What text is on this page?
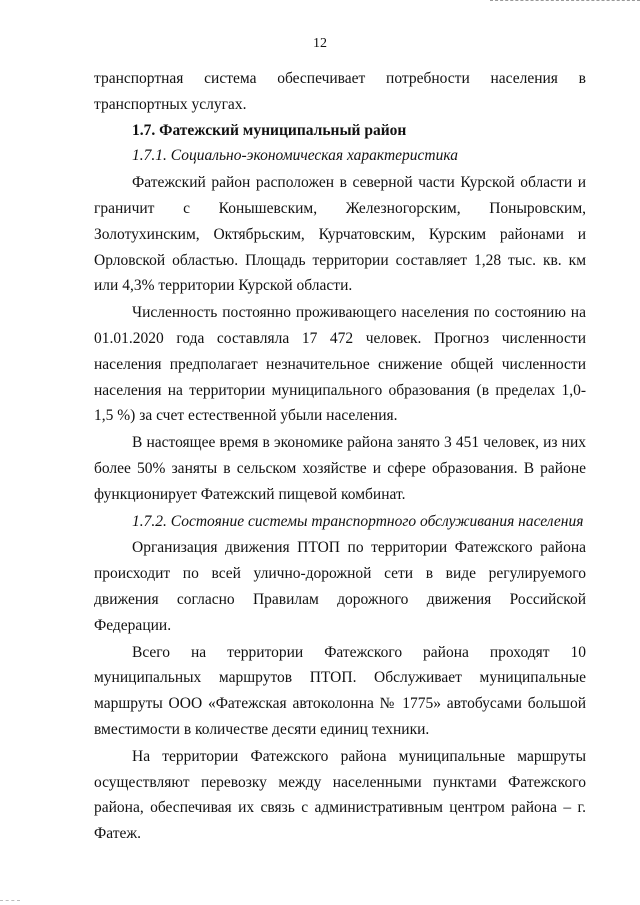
12

транспортная система обеспечивает потребности населения в транспортных услугах.

1.7. Фатежский муниципальный район

1.7.1. Социально-экономическая характеристика

Фатежский район расположен в северной части Курской области и граничит с Конышевским, Железногорским, Поныровским, Золотухинским, Октябрьским, Курчатовским, Курским районами и Орловской областью. Площадь территории составляет 1,28 тыс. кв. км или 4,3% территории Курской области.

Численность постоянно проживающего населения по состоянию на 01.01.2020 года составляла 17 472 человек. Прогноз численности населения предполагает незначительное снижение общей численности населения на территории муниципального образования (в пределах 1,0-1,5 %) за счет естественной убыли населения.

В настоящее время в экономике района занято 3 451 человек, из них более 50% заняты в сельском хозяйстве и сфере образования. В районе функционирует Фатежский пищевой комбинат.

1.7.2. Состояние системы транспортного обслуживания населения

Организация движения ПТОП по территории Фатежского района происходит по всей улично-дорожной сети в виде регулируемого движения согласно Правилам дорожного движения Российской Федерации.

Всего на территории Фатежского района проходят 10 муниципальных маршрутов ПТОП. Обслуживает муниципальные маршруты ООО «Фатежская автоколонна № 1775» автобусами большой вместимости в количестве десяти единиц техники.

На территории Фатежского района муниципальные маршруты осуществляют перевозку между населенными пунктами Фатежского района, обеспечивая их связь с административным центром района – г. Фатеж.
